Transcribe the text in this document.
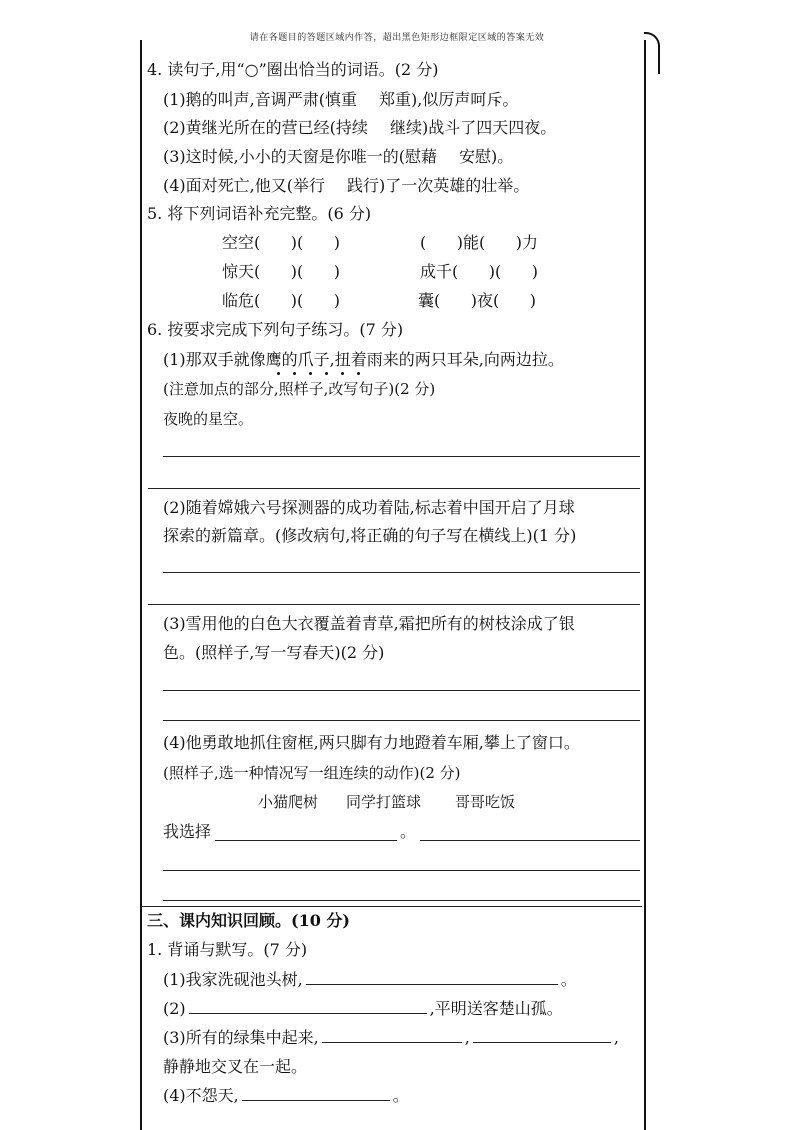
请在各题目的答题区域内作答，超出黑色矩形边框限定区域的答案无效
4. 读句子,用“○”圈出恰当的词语。(2 分)
(1)鹅的叫声,音调严肃(慎重 郑重),似厉声呵斥。
(2)黄继光所在的营已经(持续 继续)战斗了四天四夜。
(3)这时候,小小的天窗是你唯一的(慰藉 安慰)。
(4)面对死亡,他又(举行 践行)了一次英雄的壮举。
5. 将下列词语补充完整。(6 分)
空空(      )(      )	(      )能(      )力
惊天(      )(      )	成千(      )(      )
临危(      )(      )	囊(      )夜(      )
6. 按要求完成下列句子练习。(7 分)
(1)那双手就像鹰的爪子,扭着雨来的两只耳朵,向两边拉。
(注意加点的部分,照样子,改写句子)(2 分)
夜晚的星空。
(2)随着嫦娥六号探测器的成功着陆,标志着中国开启了月球
探索的新篇章。(修改病句,将正确的句子写在横线上)(1 分)
(3)雪用他的白色大衣覆盖着青草,霜把所有的树枝涂成了银
色。(照样子,写一写春天)(2 分)
(4)他勇敢地抓住窗框,两只脚有力地蹬着车厢,攀上了窗口。
(照样子,选一种情况写一组连续的动作)(2 分)
小猫爬树 同学打篮球 哥哥吃饭
我选择	。
三、课内知识回顾。(10 分)
1. 背诵与默写。(7 分)
(1)我家洗砚池头树,	。
(2)	,平明送客楚山孤。
(3)所有的绿集中起来,	,	,
静静地交叉在一起。
(4)不怨天,	。
